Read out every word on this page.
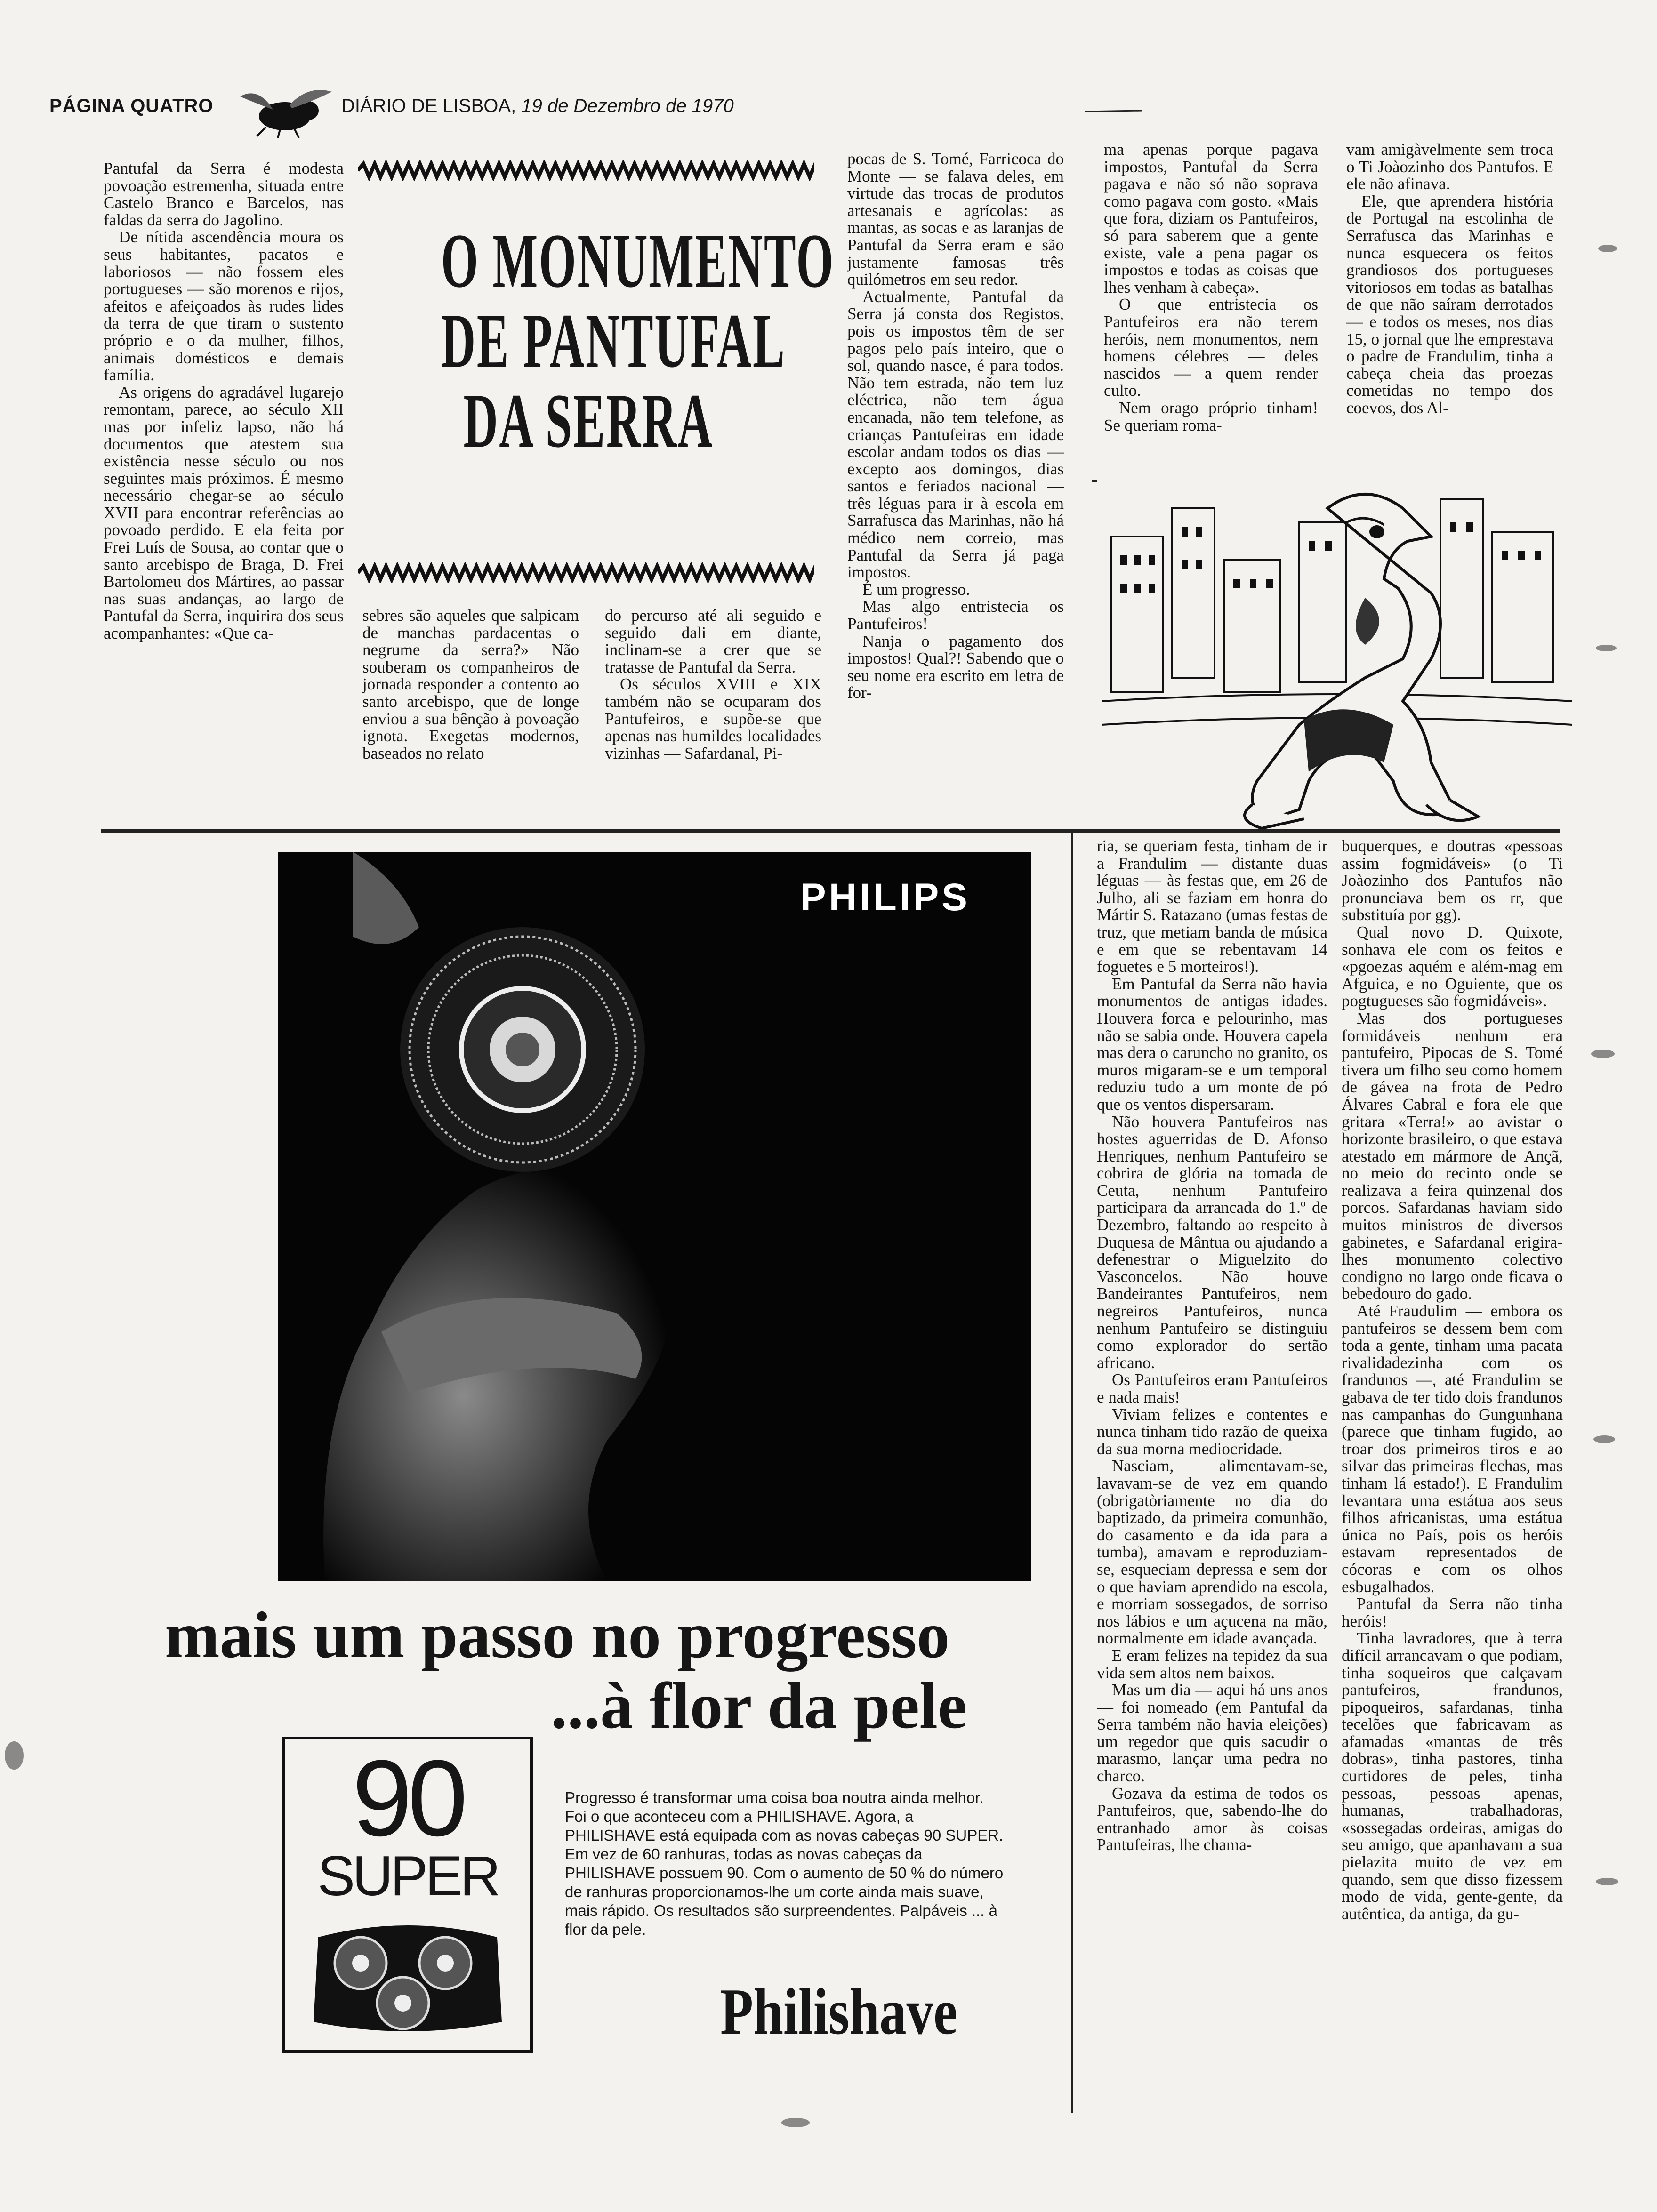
PÁGINA QUATRO	DIÁRIO DE LISBOA, 19 de Dezembro de 1970

Pantufal da Serra é modesta povoação estremenha, situada entre Castelo Branco e Barcelos, nas faldas da serra do Jagolino.

De nítida ascendência moura os seus habitantes, pacatos e laboriosos — não fossem eles portugueses — são morenos e rijos, afeitos e afeiçoados às rudes lides da terra de que tiram o sustento próprio e o da mulher, filhos, animais domésticos e demais família.

As origens do agradável lugarejo remontam, parece, ao século XII mas por infeliz lapso, não há documentos que atestem sua existência nesse século ou nos seguintes mais próximos. É mesmo necessário chegar-se ao século XVII para encontrar referências ao povoado perdido. E ela feita por Frei Luís de Sousa, ao contar que o santo arcebispo de Braga, D. Frei Bartolomeu dos Mártires, ao passar nas suas andanças, ao largo de Pantufal da Serra, inquirira dos seus acompanhantes: «Que ca-

O MONUMENTO
DE PANTUFAL
DA SERRA

sebres são aqueles que salpicam de manchas pardacentas o negrume da serra?» Não souberam os companheiros de jornada responder a contento ao santo arcebispo, que de longe enviou a sua bênção à povoação ignota. Exegetas modernos, baseados no relato

do percurso até ali seguido e seguido dali em diante, inclinam-se a crer que se tratasse de Pantufal da Serra.

Os séculos XVIII e XIX também não se ocuparam dos Pantufeiros, e supõe-se que apenas nas humildes localidades vizinhas — Safardanal, Pi-

pocas de S. Tomé, Farricoca do Monte — se falava deles, em virtude das trocas de produtos artesanais e agrícolas: as mantas, as socas e as laranjas de Pantufal da Serra eram e são justamente famosas três quilómetros em seu redor.

Actualmente, Pantufal da Serra já consta dos Registos, pois os impostos têm de ser pagos pelo país inteiro, que o sol, quando nasce, é para todos. Não tem estrada, não tem luz eléctrica, não tem água encanada, não tem telefone, as crianças Pantufeiras em idade escolar andam todos os dias — excepto aos domingos, dias santos e feriados nacional — três léguas para ir à escola em Sarrafusca das Marinhas, não há médico nem correio, mas Pantufal da Serra já paga impostos.

É um progresso.

Mas algo entristecia os Pantufeiros!

Nanja o pagamento dos impostos! Qual?! Sabendo que o seu nome era escrito em letra de for-

ma apenas porque pagava impostos, Pantufal da Serra pagava e não só não soprava como pagava com gosto. «Mais que fora, diziam os Pantufeiros, só para saberem que a gente existe, vale a pena pagar os impostos e todas as coisas que lhes venham à cabeça».

O que entristecia os Pantufeiros era não terem heróis, nem monumentos, nem homens célebres — deles nascidos — a quem render culto.

Nem orago próprio tinham! Se queriam roma-

vam amigàvelmente sem troca o Ti Joàozinho dos Pantufos. E ele não afinava.

Ele, que aprendera história de Portugal na escolinha de Serrafusca das Marinhas e nunca esquecera os feitos grandiosos dos portugueses vitoriosos em todas as batalhas de que não saíram derrotados — e todos os meses, nos dias 15, o jornal que lhe emprestava o padre de Frandulim, tinha a cabeça cheia das proezas cometidas no tempo dos coevos, dos Al-

PHILIPS
mais um passo no progresso
...à flor da pele
90
SUPER
Progresso é transformar uma coisa boa noutra ainda melhor. Foi o que aconteceu com a PHILISHAVE. Agora, a PHILISHAVE está equipada com as novas cabeças 90 SUPER. Em vez de 60 ranhuras, todas as novas cabeças da PHILISHAVE possuem 90. Com o aumento de 50 % do número de ranhuras proporcionamos-lhe um corte ainda mais suave, mais rápido. Os resultados são surpreendentes. Palpáveis ... à flor da pele.
Philishave

ria, se queriam festa, tinham de ir a Frandulim — distante duas léguas — às festas que, em 26 de Julho, ali se faziam em honra do Mártir S. Ratazano (umas festas de truz, que metiam banda de música e em que se rebentavam 14 foguetes e 5 morteiros!).

Em Pantufal da Serra não havia monumentos de antigas idades. Houvera forca e pelourinho, mas não se sabia onde. Houvera capela mas dera o caruncho no granito, os muros migaram-se e um temporal reduziu tudo a um monte de pó que os ventos dispersaram.

Não houvera Pantufeiros nas hostes aguerridas de D. Afonso Henriques, nenhum Pantufeiro se cobrira de glória na tomada de Ceuta, nenhum Pantufeiro participara da arrancada do 1.º de Dezembro, faltando ao respeito à Duquesa de Mântua ou ajudando a defenestrar o Miguelzito do Vasconcelos. Não houve Bandeirantes Pantufeiros, nem negreiros Pantufeiros, nunca nenhum Pantufeiro se distinguiu como explorador do sertão africano.

Os Pantufeiros eram Pantufeiros e nada mais!

Viviam felizes e contentes e nunca tinham tido razão de queixa da sua morna mediocridade.

Nasciam, alimentavam-se, lavavam-se de vez em quando (obrigatòriamente no dia do baptizado, da primeira comunhão, do casamento e da ida para a tumba), amavam e reproduziam-se, esqueciam depressa e sem dor o que haviam aprendido na escola, e morriam sossegados, de sorriso nos lábios e um açucena na mão, normalmente em idade avançada.

E eram felizes na tepidez da sua vida sem altos nem baixos.

Mas um dia — aqui há uns anos — foi nomeado (em Pantufal da Serra também não havia eleições) um regedor que quis sacudir o marasmo, lançar uma pedra no charco.

Gozava da estima de todos os Pantufeiros, que, sabendo-lhe do entranhado amor às coisas Pantufeiras, lhe chama-

buquerques, e doutras «pessoas assim fogmidáveis» (o Ti Joàozinho dos Pantufos não pronunciava bem os rr, que substituía por gg).

Qual novo D. Quixote, sonhava ele com os feitos e «pgoezas aquém e além-mag em Afguica, e no Oguiente, que os pogtugueses são fogmidáveis».

Mas dos portugueses formidáveis nenhum era pantufeiro, Pipocas de S. Tomé tivera um filho seu como homem de gávea na frota de Pedro Álvares Cabral e fora ele que gritara «Terra!» ao avistar o horizonte brasileiro, o que estava atestado em mármore de Ançã, no meio do recinto onde se realizava a feira quinzenal dos porcos. Safardanas haviam sido muitos ministros de diversos gabinetes, e Safardanal erigira-lhes monumento colectivo condigno no largo onde ficava o bebedouro do gado.

Até Fraudulim — embora os pantufeiros se dessem bem com toda a gente, tinham uma pacata rivalidadezinha com os frandunos —, até Frandulim se gabava de ter tido dois frandunos nas campanhas do Gungunhana (parece que tinham fugido, ao troar dos primeiros tiros e ao silvar das primeiras flechas, mas tinham lá estado!). E Frandulim levantara uma estátua aos seus filhos africanistas, uma estátua única no País, pois os heróis estavam representados de cócoras e com os olhos esbugalhados.

Pantufal da Serra não tinha heróis!

Tinha lavradores, que à terra difícil arrancavam o que podiam, tinha soqueiros que calçavam pantufeiros, frandunos, pipoqueiros, safardanas, tinha tecelões que fabricavam as afamadas «mantas de três dobras», tinha pastores, tinha curtidores de peles, tinha pessoas, pessoas apenas, humanas, trabalhadoras, «sossegadas ordeiras, amigas do seu amigo, que apanhavam a sua pielazita muito de vez em quando, sem que disso fizessem modo de vida, gente-gente, da autêntica, da antiga, da gu-
